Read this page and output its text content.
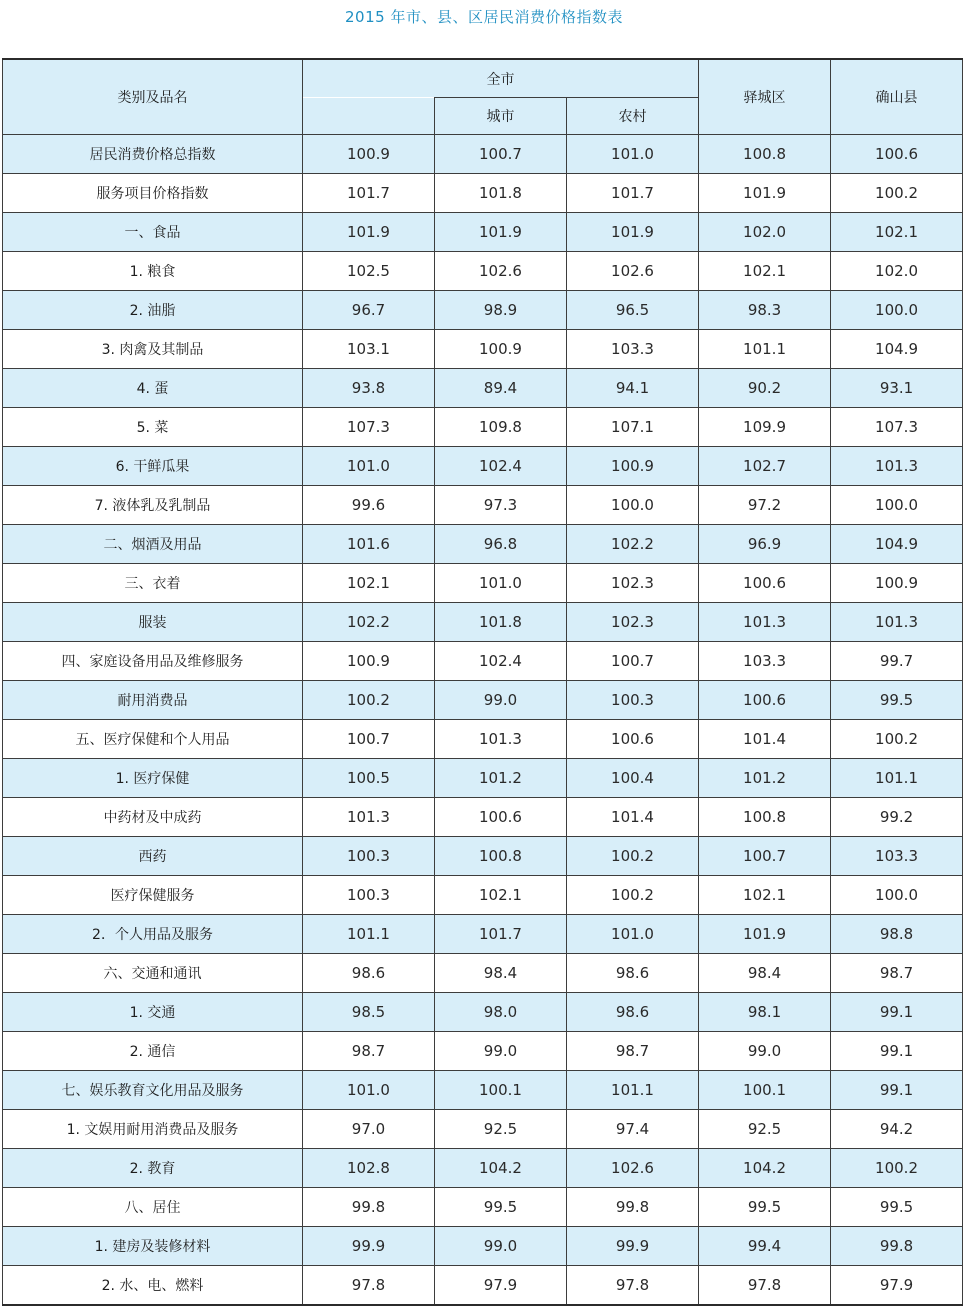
2015 年市、县、区居民消费价格指数表
类别及品名	全市			驿城区	确山县
		城市	农村		
居民消费价格总指数	100.9	100.7	101.0	100.8	100.6
服务项目价格指数	101.7	101.8	101.7	101.9	100.2
一、食品	101.9	101.9	101.9	102.0	102.1
1. 粮食	102.5	102.6	102.6	102.1	102.0
2. 油脂	96.7	98.9	96.5	98.3	100.0
3. 肉禽及其制品	103.1	100.9	103.3	101.1	104.9
4. 蛋	93.8	89.4	94.1	90.2	93.1
5. 菜	107.3	109.8	107.1	109.9	107.3
6. 干鲜瓜果	101.0	102.4	100.9	102.7	101.3
7. 液体乳及乳制品	99.6	97.3	100.0	97.2	100.0
二、烟酒及用品	101.6	96.8	102.2	96.9	104.9
三、衣着	102.1	101.0	102.3	100.6	100.9
服装	102.2	101.8	102.3	101.3	101.3
四、家庭设备用品及维修服务	100.9	102.4	100.7	103.3	99.7
耐用消费品	100.2	99.0	100.3	100.6	99.5
五、医疗保健和个人用品	100.7	101.3	100.6	101.4	100.2
1. 医疗保健	100.5	101.2	100.4	101.2	101.1
中药材及中成药	101.3	100.6	101.4	100.8	99.2
西药	100.3	100.8	100.2	100.7	103.3
医疗保健服务	100.3	102.1	100.2	102.1	100.0
2．个人用品及服务	101.1	101.7	101.0	101.9	98.8
六、交通和通讯	98.6	98.4	98.6	98.4	98.7
1. 交通	98.5	98.0	98.6	98.1	99.1
2. 通信	98.7	99.0	98.7	99.0	99.1
七、娱乐教育文化用品及服务	101.0	100.1	101.1	100.1	99.1
1. 文娱用耐用消费品及服务	97.0	92.5	97.4	92.5	94.2
2. 教育	102.8	104.2	102.6	104.2	100.2
八、居住	99.8	99.5	99.8	99.5	99.5
1. 建房及装修材料	99.9	99.0	99.9	99.4	99.8
2. 水、电、燃料	97.8	97.9	97.8	97.8	97.9
